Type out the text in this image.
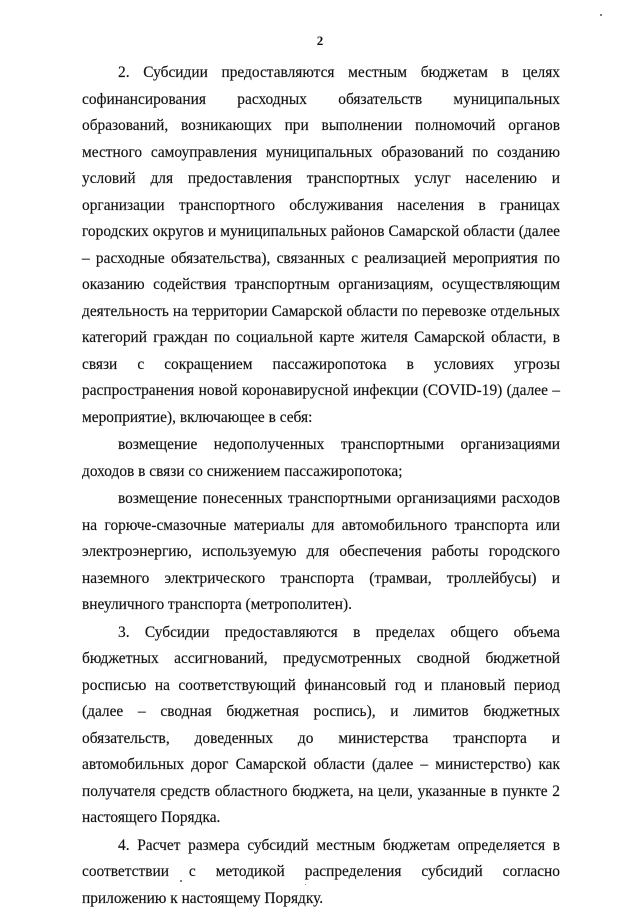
2

2. Субсидии предоставляются местным бюджетам в целях софинансирования расходных обязательств муниципальных образований, возникающих при выполнении полномочий органов местного самоуправления муниципальных образований по созданию условий для предоставления транспортных услуг населению и организации транспортного обслуживания населения в границах городских округов и муниципальных районов Самарской области (далее – расходные обязательства), связанных с реализацией мероприятия по оказанию содействия транспортным организациям, осуществляющим деятельность на территории Самарской области по перевозке отдельных категорий граждан по социальной карте жителя Самарской области, в связи с сокращением пассажиропотока в условиях угрозы распространения новой коронавирусной инфекции (COVID-19) (далее – мероприятие), включающее в себя:

возмещение недополученных транспортными организациями доходов в связи со снижением пассажиропотока;

возмещение понесенных транспортными организациями расходов на горюче-смазочные материалы для автомобильного транспорта или электроэнергию, используемую для обеспечения работы городского наземного электрического транспорта (трамваи, троллейбусы) и внеуличного транспорта (метрополитен).

3. Субсидии предоставляются в пределах общего объема бюджетных ассигнований, предусмотренных сводной бюджетной росписью на соответствующий финансовый год и плановый период (далее – сводная бюджетная роспись), и лимитов бюджетных обязательств, доведенных до министерства транспорта и автомобильных дорог Самарской области (далее – министерство) как получателя средств областного бюджета, на цели, указанные в пункте 2 настоящего Порядка.

4. Расчет размера субсидий местным бюджетам определяется в соответствии с методикой распределения субсидий согласно приложению к настоящему Порядку.
